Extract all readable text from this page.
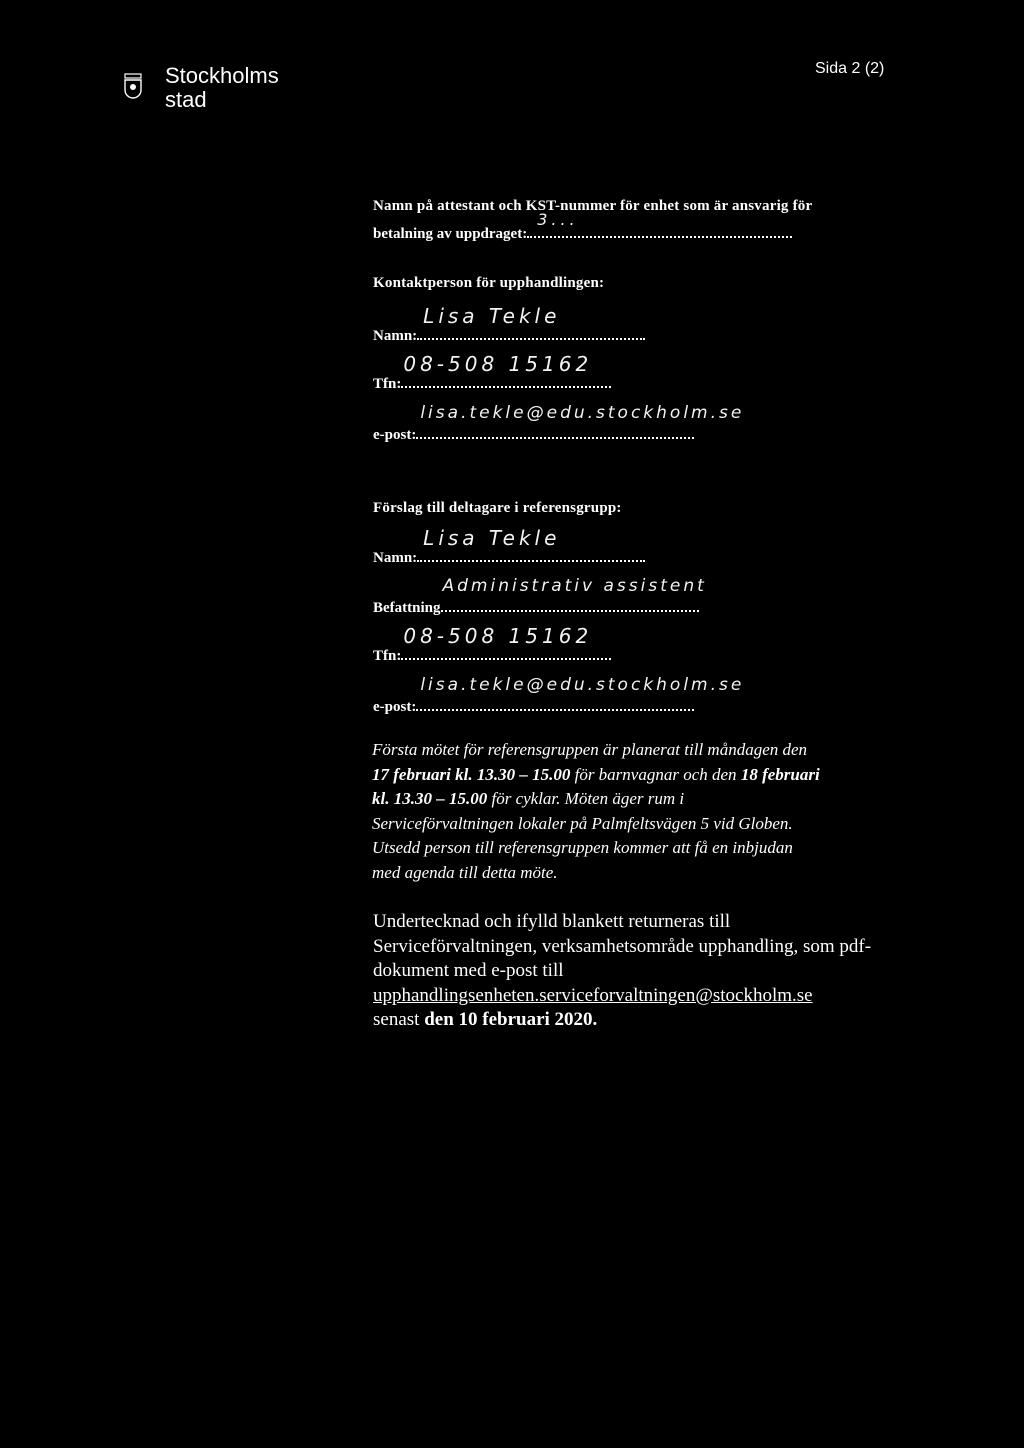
Stockholms
stad
Sida 2 (2)
Namn på attestant och KST-nummer för enhet som är ansvarig för
betalning av uppdraget:
3...
Kontaktperson för upphandlingen:
Namn:
Lisa Tekle
Tfn:
08-508 15162
e-post:
lisa.tekle@edu.stockholm.se
Förslag till deltagare i referensgrupp:
Namn:
Lisa Tekle
Befattning
Administrativ assistent
Tfn:
08-508 15162
e-post:
lisa.tekle@edu.stockholm.se
Första mötet för referensgruppen är planerat till måndagen den
17 februari kl. 13.30 – 15.00 för barnvagnar och den 18 februari
kl. 13.30 – 15.00 för cyklar. Möten äger rum i
Serviceförvaltningen lokaler på Palmfeltsvägen 5 vid Globen.
Utsedd person till referensgruppen kommer att få en inbjudan
med agenda till detta möte.
Undertecknad och ifylld blankett returneras till
Serviceförvaltningen, verksamhetsområde upphandling, som pdf-
dokument med e-post till
upphandlingsenheten.serviceforvaltningen@stockholm.se
senast den 10 februari 2020.
